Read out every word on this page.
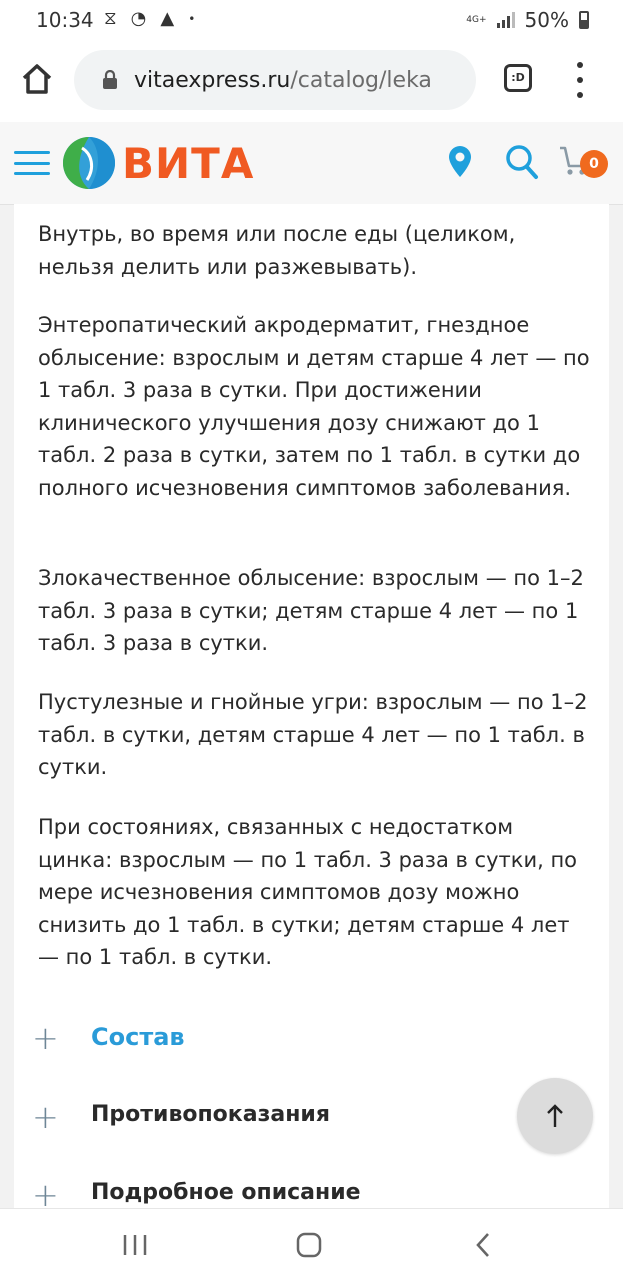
10:34 ⧖ ◔ ▲ •	4G+ 50%
vitaexpress.ru/catalog/leka	:D
ВИТА	0

Внутрь, во время или после еды (целиком, нельзя делить или разжевывать).

Энтеропатический акродерматит, гнездное облысение: взрослым и детям старше 4 лет — по 1 табл. 3 раза в сутки. При достижении клинического улучшения дозу снижают до 1 табл. 2 раза в сутки, затем по 1 табл. в сутки до полного исчезновения симптомов заболевания.

Злокачественное облысение: взрослым — по 1–2 табл. 3 раза в сутки; детям старше 4 лет — по 1 табл. 3 раза в сутки.

Пустулезные и гнойные угри: взрослым — по 1–2 табл. в сутки, детям старше 4 лет — по 1 табл. в сутки.

При состояниях, связанных с недостатком цинка: взрослым — по 1 табл. 3 раза в сутки, по мере исчезновения симптомов дозу можно снизить до 1 табл. в сутки; детям старше 4 лет — по 1 табл. в сутки.

+ Состав
+ Противопоказания
+ Подробное описание
